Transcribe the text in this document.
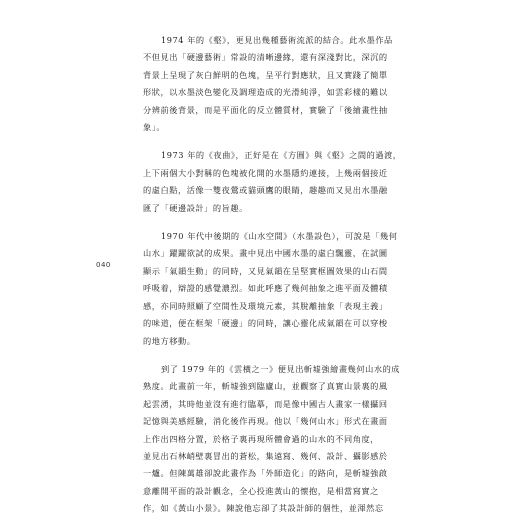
040

1974 年的《壑》，更見出幾種藝術流派的結合。此水墨作品
不但見出「硬邊藝術」常設的清晰邊緣，還有深淺對比，深沉的
背景上呈現了灰白鮮明的色塊，呈平行對應狀，且又實踐了簡單
形狀，以水墨淡色變化及調理造成的光滑純淨，如雲彩樣的難以
分辨前後背景，而是平面化的反立體質材，實驗了「後繪畫性抽
象」。

1973 年的《夜曲》，正好是在《方圓》與《壑》之間的過渡，
上下兩個大小對稱的色塊被化開的水墨隱約連接，上幾兩個接近
的虛白點，活像一雙夜鶯或貓頭鷹的眼睛，趣趣而又見出水墨融
匯了「硬邊設計」的旨趣。

1970 年代中後期的《山水空間》（水墨設色），可說是「幾何
山水」躍躍欲試的成果。畫中見出中國水墨的虛白飄靈，在試圖
顯示「氣韻生動」的同時，又見氣韻在呈堅實框圖效果的山石間
呼吸着，辯證的感覺濃烈。如此呼應了幾何抽象之進平面及體積
感，亦同時照顧了空間性及環境元素，其脫離抽象「表現主義」
的味道，便在框架「硬邊」的同時，讓心靈化成氣韻在可以穿梭
的地方移動。

到了 1979 年的《雲橫之一》便見出斬墟強繪畫幾何山水的成
熟度。此畫前一年，斬墟強到臨廬山，並觀察了真實山景裏的風
起雲湧，其時他並沒有進行臨摹，而是像中國古人畫家一樣攝回
記憶與美感經驗，消化後作再現。他以「幾何山水」形式在畫面
上作出四格分置，於格子裏再現所體會過的山水的不同角度，
並見出石林峭壁裏冒出的蒼松，集遠寫、幾何、設計、攝影感於
一爐。但陳萬雄卻說此畫作為「外師造化」的路向，是斬墟強啟
意離開平面的設計觀念，全心投進黃山的懷抱，是相當寫實之
作，如《黃山小景》。陳說他忘卻了其設計師的個性，並渾然忘
